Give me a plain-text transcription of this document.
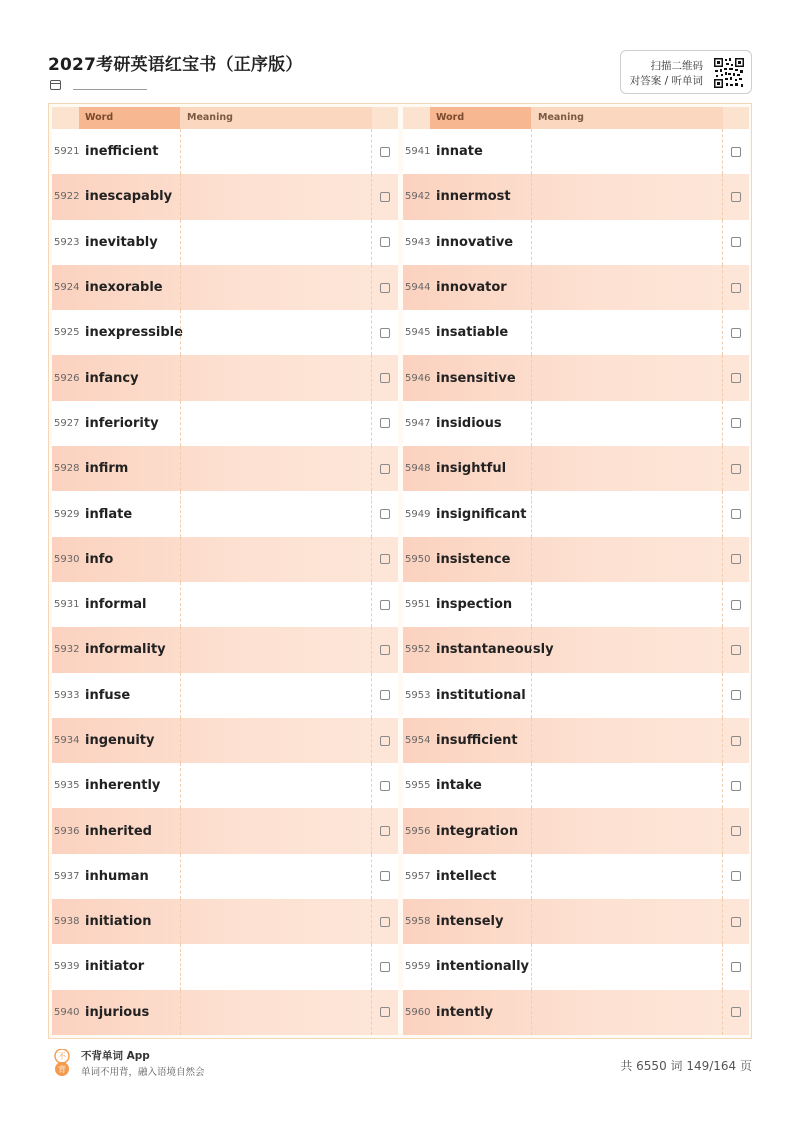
2027考研英语红宝书（正序版）	扫描二维码
对答案 / 听单词
Word	Meaning
5921 inefficient
5922 inescapably
5923 inevitably
5924 inexorable
5925 inexpressible
5926 infancy
5927 inferiority
5928 infirm
5929 inflate
5930 info
5931 informal
5932 informality
5933 infuse
5934 ingenuity
5935 inherently
5936 inherited
5937 inhuman
5938 initiation
5939 initiator
5940 injurious
Word	Meaning
5941 innate
5942 innermost
5943 innovative
5944 innovator
5945 insatiable
5946 insensitive
5947 insidious
5948 insightful
5949 insignificant
5950 insistence
5951 inspection
5952 instantaneously
5953 institutional
5954 insufficient
5955 intake
5956 integration
5957 intellect
5958 intensely
5959 intentionally
5960 intently
不
背
不背单词 App
单词不用背，融入语境自然会	共 6550 词 149/164 页
